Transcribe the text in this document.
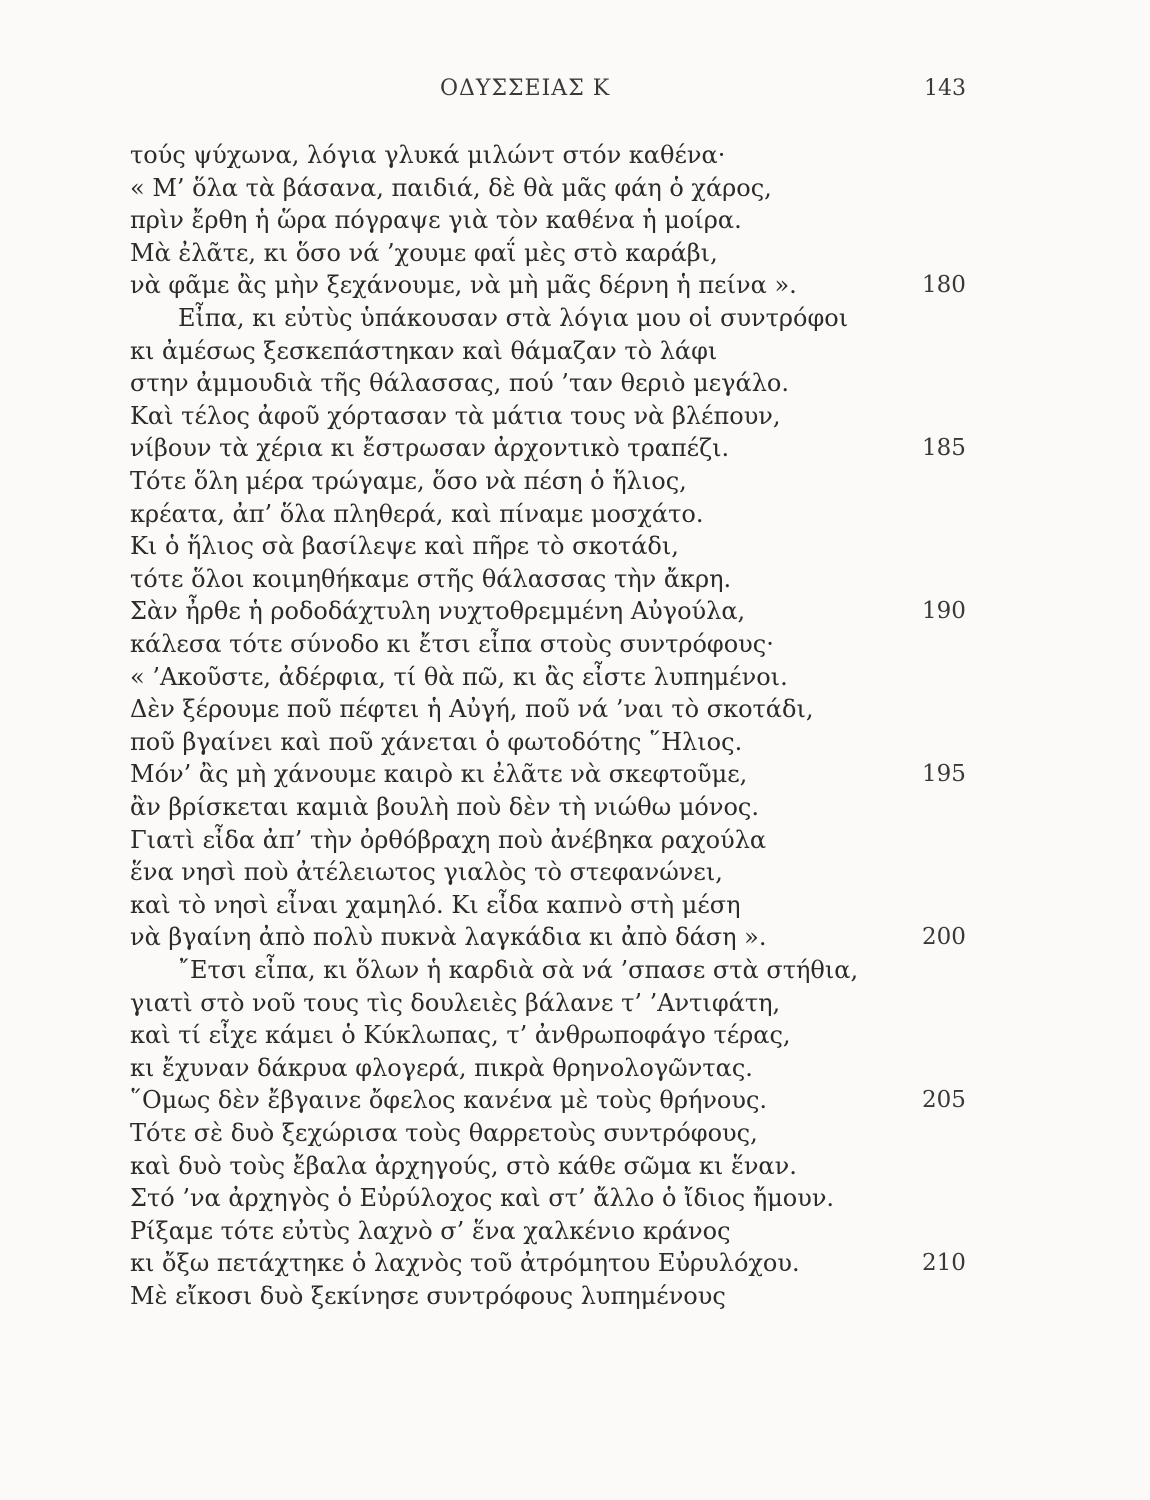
ΟΔΥΣΣΕΙΑΣ Κ	143
τούς ψύχωνα, λόγια γλυκά μιλώντ στόν καθένα·
« Μ’ ὅλα τὰ βάσανα, παιδιά, δὲ θὰ μᾶς φάη ὁ χάρος,
πρὶν ἔρθη ἡ ὥρα πόγραψε γιὰ τὸν καθένα ἡ μοίρα.
Μὰ ἐλᾶτε, κι ὅσο νά ’χουμε φαΐ μὲς στὸ καράβι,
νὰ φᾶμε ἂς μὴν ξεχάνουμε, νὰ μὴ μᾶς δέρνη ἡ πείνα ».	180
Εἶπα, κι εὐτὺς ὑπάκουσαν στὰ λόγια μου οἱ συντρόφοι
κι ἀμέσως ξεσκεπάστηκαν καὶ θάμαζαν τὸ λάφι
στην ἀμμουδιὰ τῆς θάλασσας, πού ’ταν θεριὸ μεγάλο.
Καὶ τέλος ἀφοῦ χόρτασαν τὰ μάτια τους νὰ βλέπουν,
νίβουν τὰ χέρια κι ἔστρωσαν ἀρχοντικὸ τραπέζι.	185
Τότε ὅλη μέρα τρώγαμε, ὅσο νὰ πέση ὁ ἥλιος,
κρέατα, ἀπ’ ὅλα πληθερά, καὶ πίναμε μοσχάτο.
Κι ὁ ἥλιος σὰ βασίλεψε καὶ πῆρε τὸ σκοτάδι,
τότε ὅλοι κοιμηθήκαμε στῆς θάλασσας τὴν ἄκρη.
Σὰν ἦρθε ἡ ροδοδάχτυλη νυχτοθρεμμένη Αὐγούλα,	190
κάλεσα τότε σύνοδο κι ἔτσι εἶπα στοὺς συντρόφους·
« ’Ακοῦστε, ἀδέρφια, τί θὰ πῶ, κι ἂς εἶστε λυπημένοι.
Δὲν ξέρουμε ποῦ πέφτει ἡ Αὐγή, ποῦ νά ’ναι τὸ σκοτάδι,
ποῦ βγαίνει καὶ ποῦ χάνεται ὁ φωτοδότης ῞Ηλιος.
Μόν’ ἂς μὴ χάνουμε καιρὸ κι ἐλᾶτε νὰ σκεφτοῦμε,	195
ἂν βρίσκεται καμιὰ βουλὴ ποὺ δὲν τὴ νιώθω μόνος.
Γιατὶ εἶδα ἀπ’ τὴν ὀρθόβραχη ποὺ ἀνέβηκα ραχούλα
ἕνα νησὶ ποὺ ἀτέλειωτος γιαλὸς τὸ στεφανώνει,
καὶ τὸ νησὶ εἶναι χαμηλό. Κι εἶδα καπνὸ στὴ μέση
νὰ βγαίνη ἀπὸ πολὺ πυκνὰ λαγκάδια κι ἀπὸ δάση ».	200
῎Ετσι εἶπα, κι ὅλων ἡ καρδιὰ σὰ νά ’σπασε στὰ στήθια,
γιατὶ στὸ νοῦ τους τὶς δουλειὲς βάλανε τ’ ’Αντιφάτη,
καὶ τί εἶχε κάμει ὁ Κύκλωπας, τ’ ἀνθρωποφάγο τέρας,
κι ἔχυναν δάκρυα φλογερά, πικρὰ θρηνολογῶντας.
῞Ομως δὲν ἔβγαινε ὄφελος κανένα μὲ τοὺς θρήνους.	205
Τότε σὲ δυὸ ξεχώρισα τοὺς θαρρετοὺς συντρόφους,
καὶ δυὸ τοὺς ἔβαλα ἀρχηγούς, στὸ κάθε σῶμα κι ἕναν.
Στό ’να ἀρχηγὸς ὁ Εὐρύλοχος καὶ στ’ ἄλλο ὁ ἴδιος ἤμουν.
Ρίξαμε τότε εὐτὺς λαχνὸ σ’ ἕνα χαλκένιο κράνος
κι ὄξω πετάχτηκε ὁ λαχνὸς τοῦ ἀτρόμητου Εὐρυλόχου.	210
Μὲ εἴκοσι δυὸ ξεκίνησε συντρόφους λυπημένους
